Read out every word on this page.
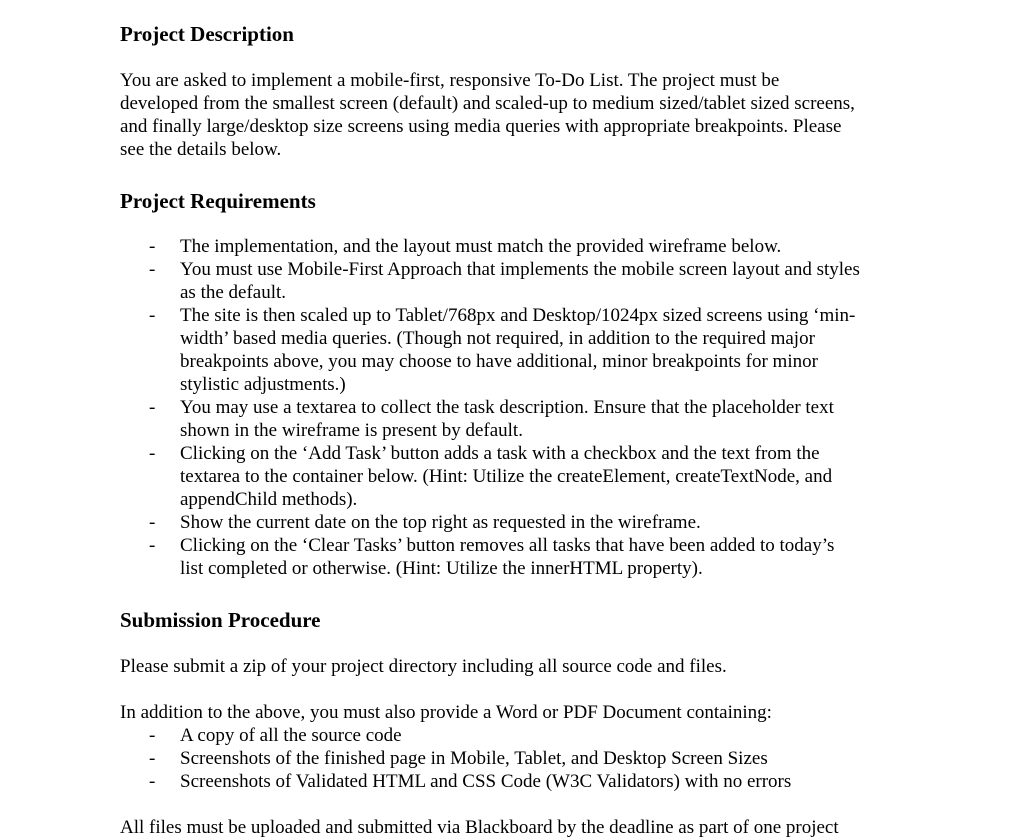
Project Description

You are asked to implement a mobile-first, responsive To-Do List. The project must be
developed from the smallest screen (default) and scaled-up to medium sized/tablet sized screens,
and finally large/desktop size screens using media queries with appropriate breakpoints. Please
see the details below.

Project Requirements
- The implementation, and the layout must match the provided wireframe below.
- You must use Mobile-First Approach that implements the mobile screen layout and styles
as the default.
- The site is then scaled up to Tablet/768px and Desktop/1024px sized screens using ‘min-
width’ based media queries. (Though not required, in addition to the required major
breakpoints above, you may choose to have additional, minor breakpoints for minor
stylistic adjustments.)
- You may use a textarea to collect the task description. Ensure that the placeholder text
shown in the wireframe is present by default.
- Clicking on the ‘Add Task’ button adds a task with a checkbox and the text from the
textarea to the container below. (Hint: Utilize the createElement, createTextNode, and
appendChild methods).
- Show the current date on the top right as requested in the wireframe.
- Clicking on the ‘Clear Tasks’ button removes all tasks that have been added to today’s
list completed or otherwise. (Hint: Utilize the innerHTML property).
Submission Procedure

Please submit a zip of your project directory including all source code and files.

In addition to the above, you must also provide a Word or PDF Document containing:

- A copy of all the source code
- Screenshots of the finished page in Mobile, Tablet, and Desktop Screen Sizes
- Screenshots of Validated HTML and CSS Code (W3C Validators) with no errors

All files must be uploaded and submitted via Blackboard by the deadline as part of one project
